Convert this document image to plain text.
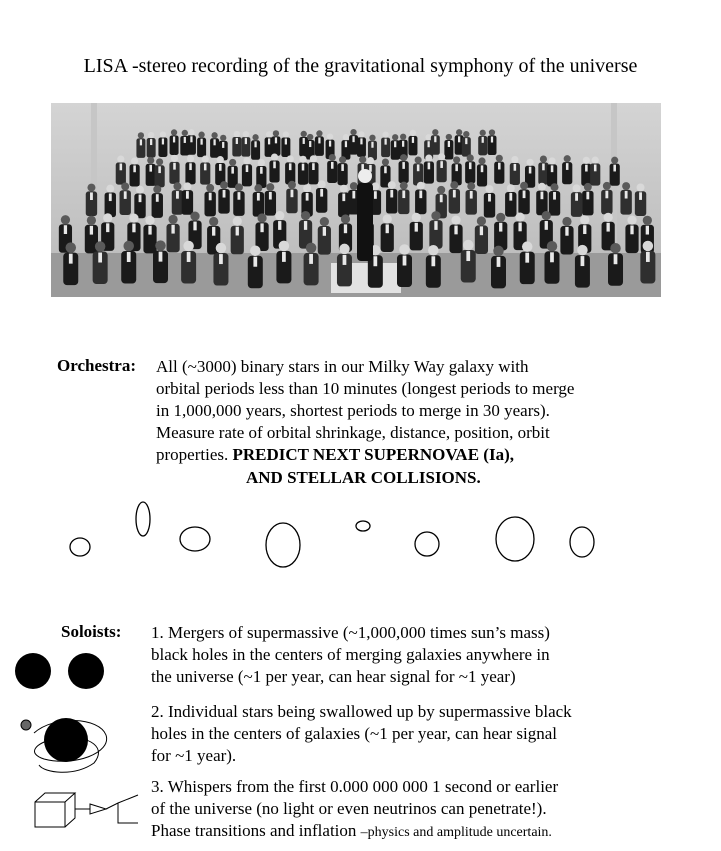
LISA -stereo recording of the gravitational symphony of the universe
Orchestra: All (~3000) binary stars in our Milky Way galaxy with
orbital periods less than 10 minutes (longest periods to merge
in 1,000,000 years, shortest periods to merge in 30 years).
Measure rate of orbital shrinkage, distance, position, orbit
properties. PREDICT NEXT SUPERNOVAE (Ia),
AND STELLAR COLLISIONS.
Soloists: 1. Mergers of supermassive (~1,000,000 times sun’s mass)
black holes in the centers of merging galaxies anywhere in
the universe (~1 per year, can hear signal for ~1 year)
2. Individual stars being swallowed up by supermassive black
holes in the centers of galaxies (~1 per year, can hear signal
for ~1 year).
3. Whispers from the first 0.000 000 000 1 second or earlier
of the universe (no light or even neutrinos can penetrate!).
Phase transitions and inflation –physics and amplitude uncertain.
